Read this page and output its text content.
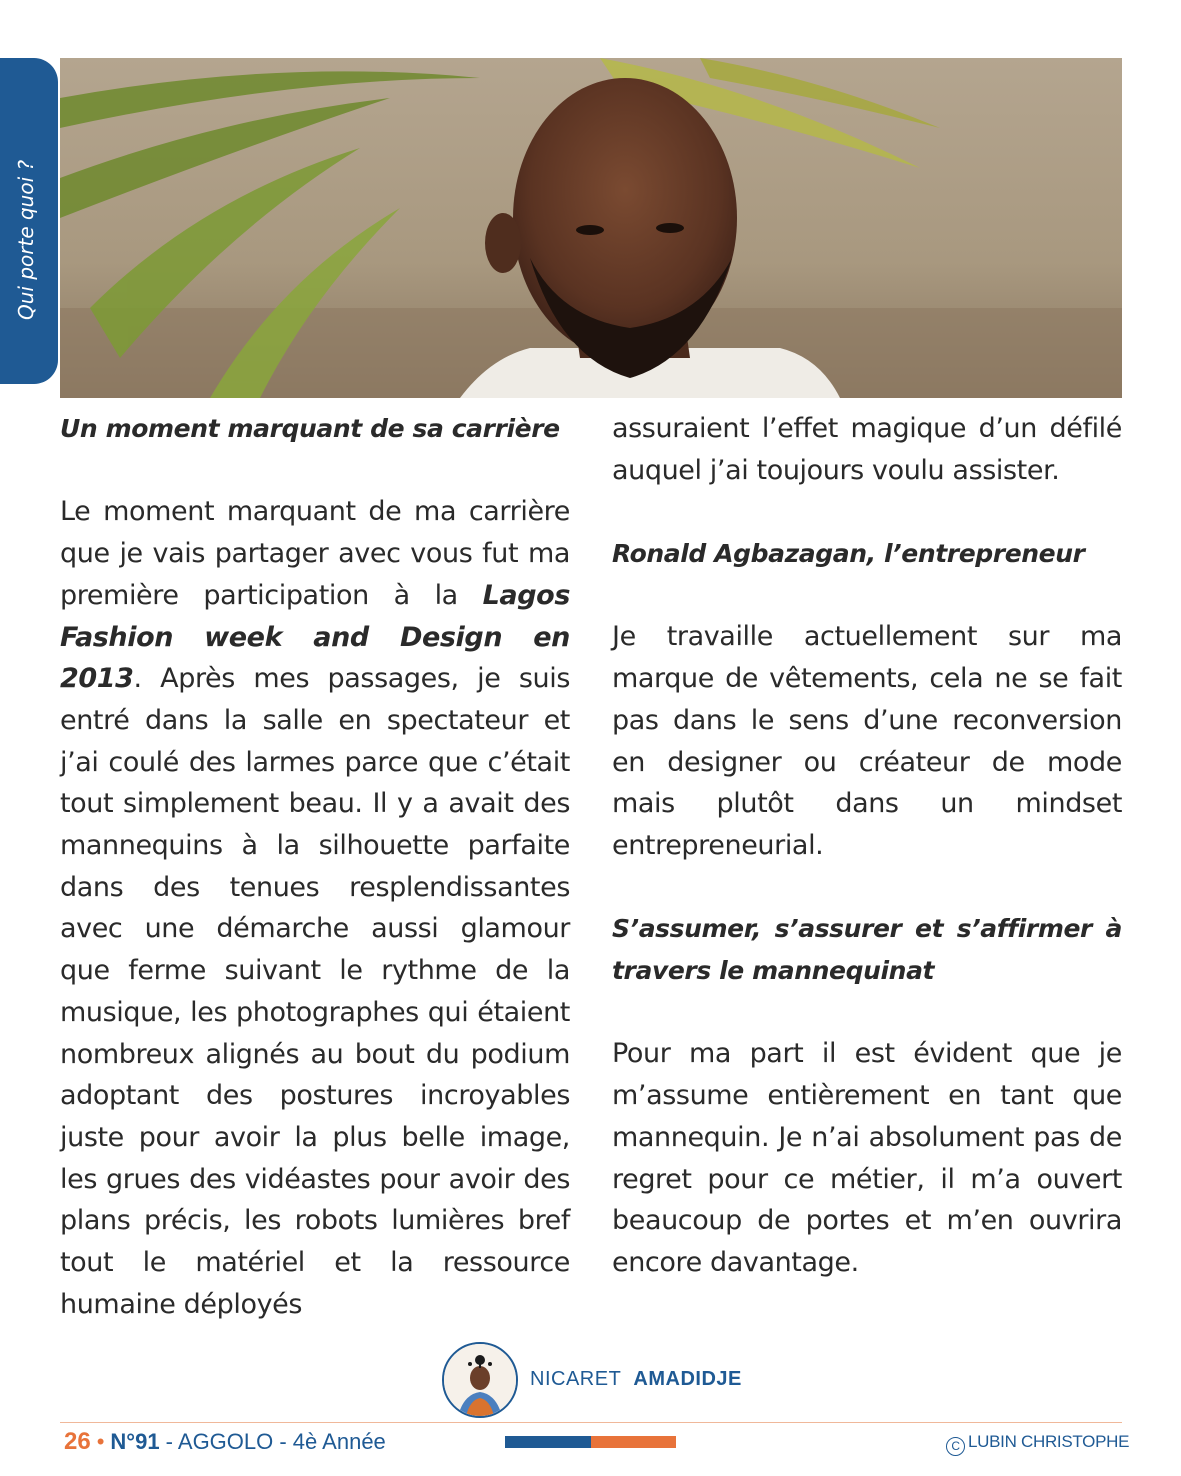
Qui porte quoi ?

Un moment marquant de sa carrière

Le moment marquant de ma carrière que je vais partager avec vous fut ma première participation à la Lagos Fashion week and Design en 2013. Après mes passages, je suis entré dans la salle en spectateur et j’ai coulé des larmes parce que c’était tout simplement beau. Il y a avait des mannequins à la silhouette parfaite dans des tenues resplendissantes avec une démarche aussi glamour que ferme suivant le rythme de la musique, les photographes qui étaient nombreux alignés au bout du podium adoptant des postures incroyables juste pour avoir la plus belle image, les grues des vidéastes pour avoir des plans précis, les robots lumières bref tout le matériel et la ressource humaine déployés

assuraient l’effet magique d’un défilé auquel j’ai toujours voulu assister.

Ronald Agbazagan, l’entrepreneur

Je travaille actuellement sur ma marque de vêtements, cela ne se fait pas dans le sens d’une reconversion en designer ou créateur de mode mais plutôt dans un mindset entrepreneurial.

S’assumer, s’assurer et s’affirmer à travers le mannequinat

Pour ma part il est évident que je m’assume entièrement en tant que mannequin. Je n’ai absolument pas de regret pour ce métier, il m’a ouvert beaucoup de portes et m’en ouvrira encore davantage.

NICARET AMADIDJE
26 • N°91 - AGGOLO - 4è Année	C LUBIN CHRISTOPHE
